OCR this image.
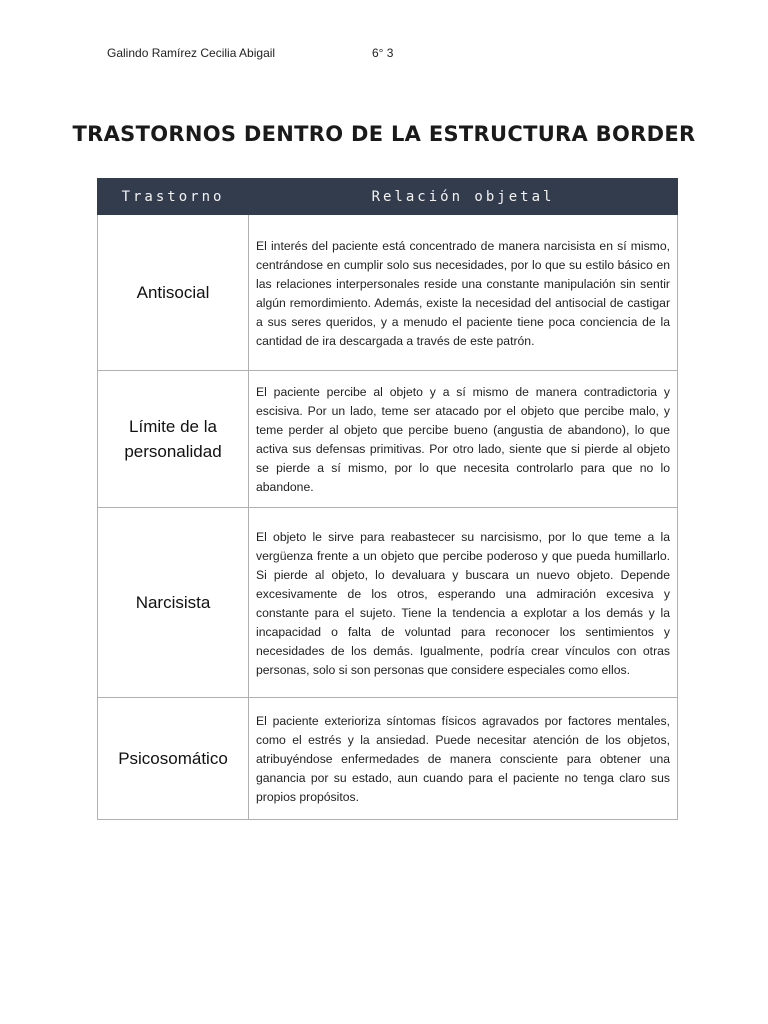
Galindo Ramírez Cecilia Abigail	6° 3
TRASTORNOS DENTRO DE LA ESTRUCTURA BORDER
Trastorno	Relación objetal
Antisocial	El interés del paciente está concentrado de manera narcisista en sí mismo, centrándose en cumplir solo sus necesidades, por lo que su estilo básico en las relaciones interpersonales reside una constante manipulación sin sentir algún remordimiento. Además, existe la necesidad del antisocial de castigar a sus seres queridos, y a menudo el paciente tiene poca conciencia de la cantidad de ira descargada a través de este patrón.
Límite de la personalidad	El paciente percibe al objeto y a sí mismo de manera contradictoria y escisiva. Por un lado, teme ser atacado por el objeto que percibe malo, y teme perder al objeto que percibe bueno (angustia de abandono), lo que activa sus defensas primitivas. Por otro lado, siente que si pierde al objeto se pierde a sí mismo, por lo que necesita controlarlo para que no lo abandone.
Narcisista	El objeto le sirve para reabastecer su narcisismo, por lo que teme a la vergüenza frente a un objeto que percibe poderoso y que pueda humillarlo. Si pierde al objeto, lo devaluara y buscara un nuevo objeto. Depende excesivamente de los otros, esperando una admiración excesiva y constante para el sujeto. Tiene la tendencia a explotar a los demás y la incapacidad o falta de voluntad para reconocer los sentimientos y necesidades de los demás. Igualmente, podría crear vínculos con otras personas, solo si son personas que considere especiales como ellos.
Psicosomático	El paciente exterioriza síntomas físicos agravados por factores mentales, como el estrés y la ansiedad. Puede necesitar atención de los objetos, atribuyéndose enfermedades de manera consciente para obtener una ganancia por su estado, aun cuando para el paciente no tenga claro sus propios propósitos.
